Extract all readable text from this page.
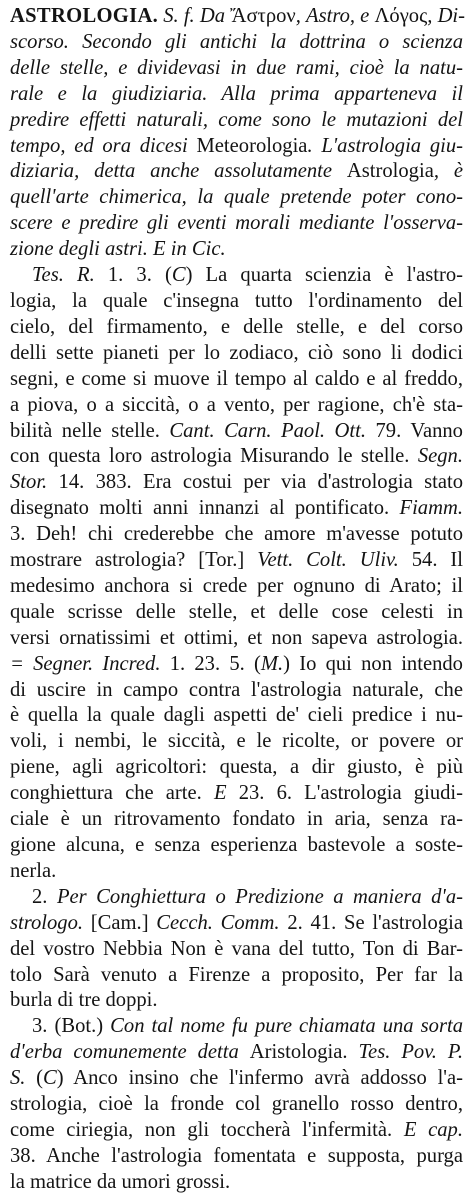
ASTROLOGIA. S. f. Da Ἄστρον, Astro, e Λόγος, Di-
scorso. Secondo gli antichi la dottrina o scienza
delle stelle, e dividevasi in due rami, cioè la natu-
rale e la giudiziaria. Alla prima apparteneva il
predire effetti naturali, come sono le mutazioni del
tempo, ed ora dicesi Meteorologia. L'astrologia giu-
diziaria, detta anche assolutamente Astrologia, è
quell'arte chimerica, la quale pretende poter cono-
scere e predire gli eventi morali mediante l'osserva-
zione degli astri. E in Cic.

Tes. R. 1. 3. (C) La quarta scienzia è l'astro-
logia, la quale c'insegna tutto l'ordinamento del
cielo, del firmamento, e delle stelle, e del corso
delli sette pianeti per lo zodiaco, ciò sono li dodici
segni, e come si muove il tempo al caldo e al freddo,
a piova, o a siccità, o a vento, per ragione, ch'è sta-
bilità nelle stelle. Cant. Carn. Paol. Ott. 79. Vanno
con questa loro astrologia Misurando le stelle. Segn.
Stor. 14. 383. Era costui per via d'astrologia stato
disegnato molti anni innanzi al pontificato. Fiamm.
3. Deh! chi crederebbe che amore m'avesse potuto
mostrare astrologia? [Tor.] Vett. Colt. Uliv. 54. Il
medesimo anchora si crede per ognuno di Arato; il
quale scrisse delle stelle, et delle cose celesti in
versi ornatissimi et ottimi, et non sapeva astrologia.
= Segner. Incred. 1. 23. 5. (M.) Io qui non intendo
di uscire in campo contra l'astrologia naturale, che
è quella la quale dagli aspetti de' cieli predice i nu-
voli, i nembi, le siccità, e le ricolte, or povere or
piene, agli agricoltori: questa, a dir giusto, è più
conghiettura che arte. E 23. 6. L'astrologia giudi-
ciale è un ritrovamento fondato in aria, senza ra-
gione alcuna, e senza esperienza bastevole a soste-
nerla.

2. Per Conghiettura o Predizione a maniera d'a-
strologo. [Cam.] Cecch. Comm. 2. 41. Se l'astrologia
del vostro Nebbia Non è vana del tutto, Ton di Bar-
tolo Sarà venuto a Firenze a proposito, Per far la
burla di tre doppi.

3. (Bot.) Con tal nome fu pure chiamata una sorta
d'erba comunemente detta Aristologia. Tes. Pov. P.
S. (C) Anco insino che l'infermo avrà addosso l'a-
strologia, cioè la fronde col granello rosso dentro,
come ciriegia, non gli toccherà l'infermità. E cap.
38. Anche l'astrologia fomentata e supposta, purga
la matrice da umori grossi.
